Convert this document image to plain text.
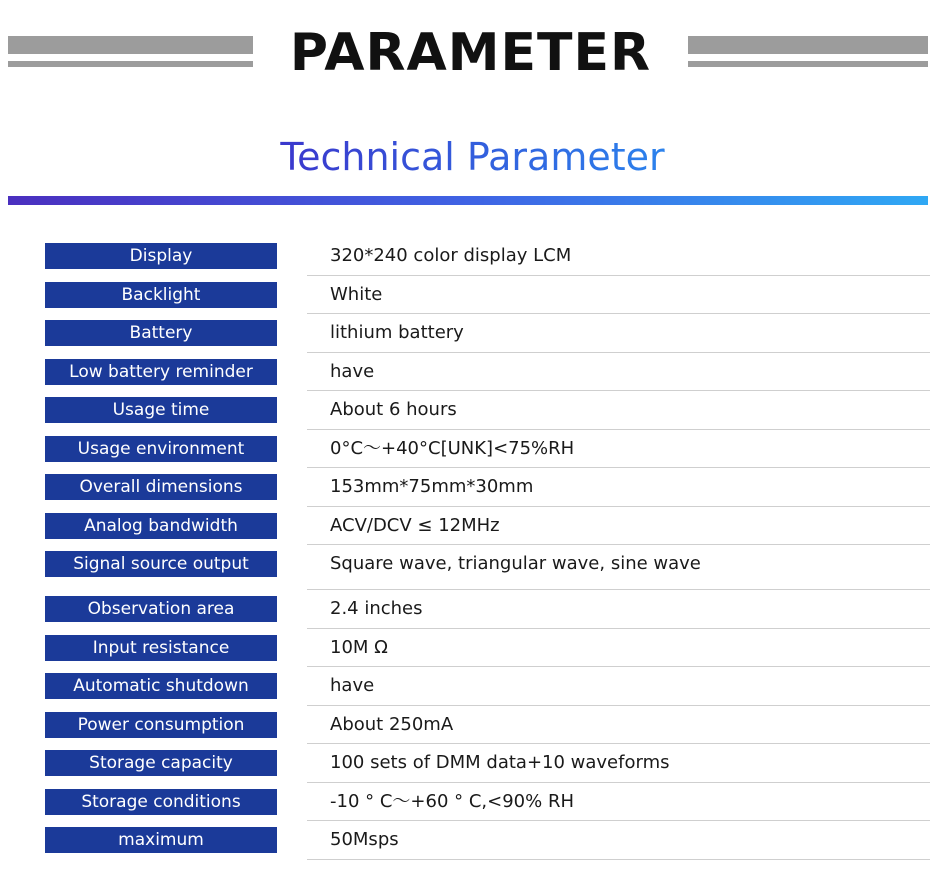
PARAMETER
Technical Parameter
Display	320*240 color display LCM
Backlight	White
Battery	lithium battery
Low battery reminder	have
Usage time	About 6 hours
Usage environment	0°C～+40°C[UNK]<75%RH
Overall dimensions	153mm*75mm*30mm
Analog bandwidth	ACV/DCV ≤ 12MHz
Signal source output	Square wave, triangular wave, sine wave
Observation area	2.4 inches
Input resistance	10M Ω
Automatic shutdown	have
Power consumption	About 250mA
Storage capacity	100 sets of DMM data+10 waveforms
Storage conditions	-10 ° C～+60 ° C,<90% RH
maximum	50Msps
